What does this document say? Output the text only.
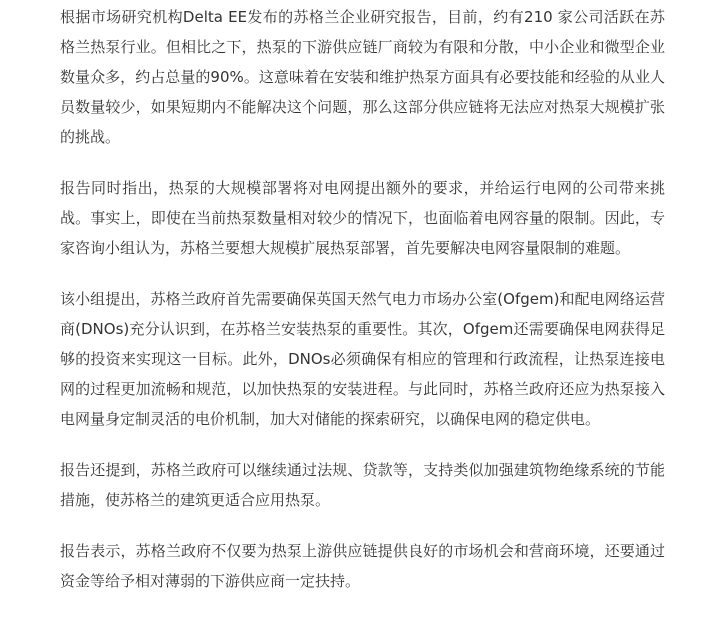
根据市场研究机构Delta EE发布的苏格兰企业研究报告，目前，约有210 家公司活跃在苏格兰热泵行业。但相比之下，热泵的下游供应链厂商较为有限和分散，中小企业和微型企业数量众多，约占总量的90%。这意味着在安装和维护热泵方面具有必要技能和经验的从业人员数量较少，如果短期内不能解决这个问题，那么这部分供应链将无法应对热泵大规模扩张的挑战。

报告同时指出，热泵的大规模部署将对电网提出额外的要求，并给运行电网的公司带来挑战。事实上，即使在当前热泵数量相对较少的情况下，也面临着电网容量的限制。因此，专家咨询小组认为，苏格兰要想大规模扩展热泵部署，首先要解决电网容量限制的难题。

该小组提出，苏格兰政府首先需要确保英国天然气电力市场办公室(Ofgem)和配电网络运营商(DNOs)充分认识到，在苏格兰安装热泵的重要性。其次，Ofgem还需要确保电网获得足够的投资来实现这一目标。此外，DNOs必须确保有相应的管理和行政流程，让热泵连接电网的过程更加流畅和规范，以加快热泵的安装进程。与此同时，苏格兰政府还应为热泵接入电网量身定制灵活的电价机制，加大对储能的探索研究，以确保电网的稳定供电。

报告还提到，苏格兰政府可以继续通过法规、贷款等，支持类似加强建筑物绝缘系统的节能措施，使苏格兰的建筑更适合应用热泵。

报告表示，苏格兰政府不仅要为热泵上游供应链提供良好的市场机会和营商环境，还要通过资金等给予相对薄弱的下游供应商一定扶持。
